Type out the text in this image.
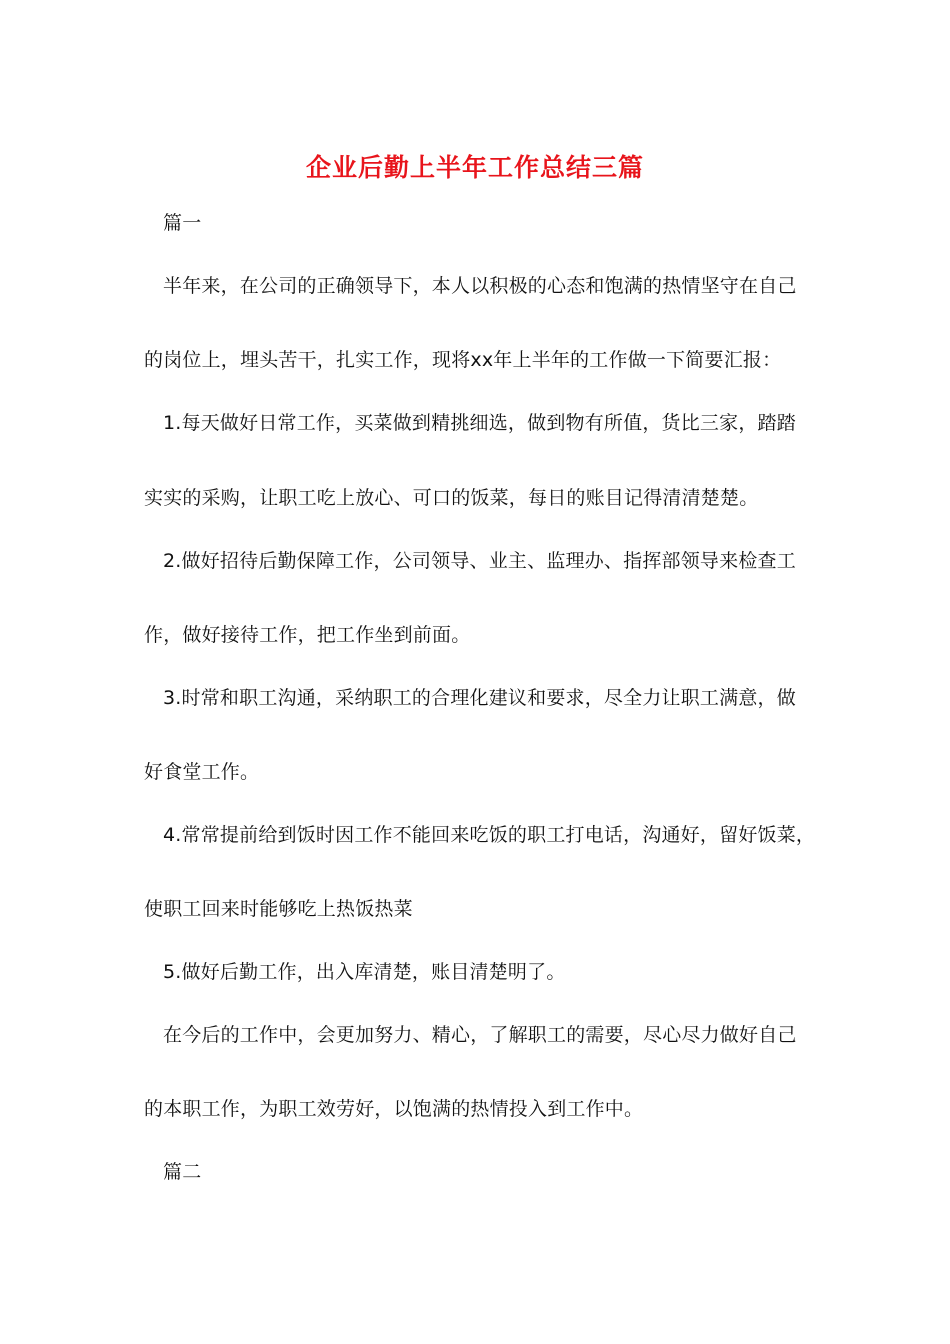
企业后勤上半年工作总结三篇
篇一
半年来，在公司的正确领导下，本人以积极的心态和饱满的热情坚守在自己
的岗位上，埋头苦干，扎实工作，现将xx年上半年的工作做一下简要汇报：
1.每天做好日常工作，买菜做到精挑细选，做到物有所值，货比三家，踏踏
实实的采购，让职工吃上放心、可口的饭菜，每日的账目记得清清楚楚。
2.做好招待后勤保障工作，公司领导、业主、监理办、指挥部领导来检查工
作，做好接待工作，把工作坐到前面。
3.时常和职工沟通，采纳职工的合理化建议和要求，尽全力让职工满意，做
好食堂工作。
4.常常提前给到饭时因工作不能回来吃饭的职工打电话，沟通好，留好饭菜，
使职工回来时能够吃上热饭热菜
5.做好后勤工作，出入库清楚，账目清楚明了。
在今后的工作中，会更加努力、精心，了解职工的需要，尽心尽力做好自己
的本职工作，为职工效劳好，以饱满的热情投入到工作中。
篇二
